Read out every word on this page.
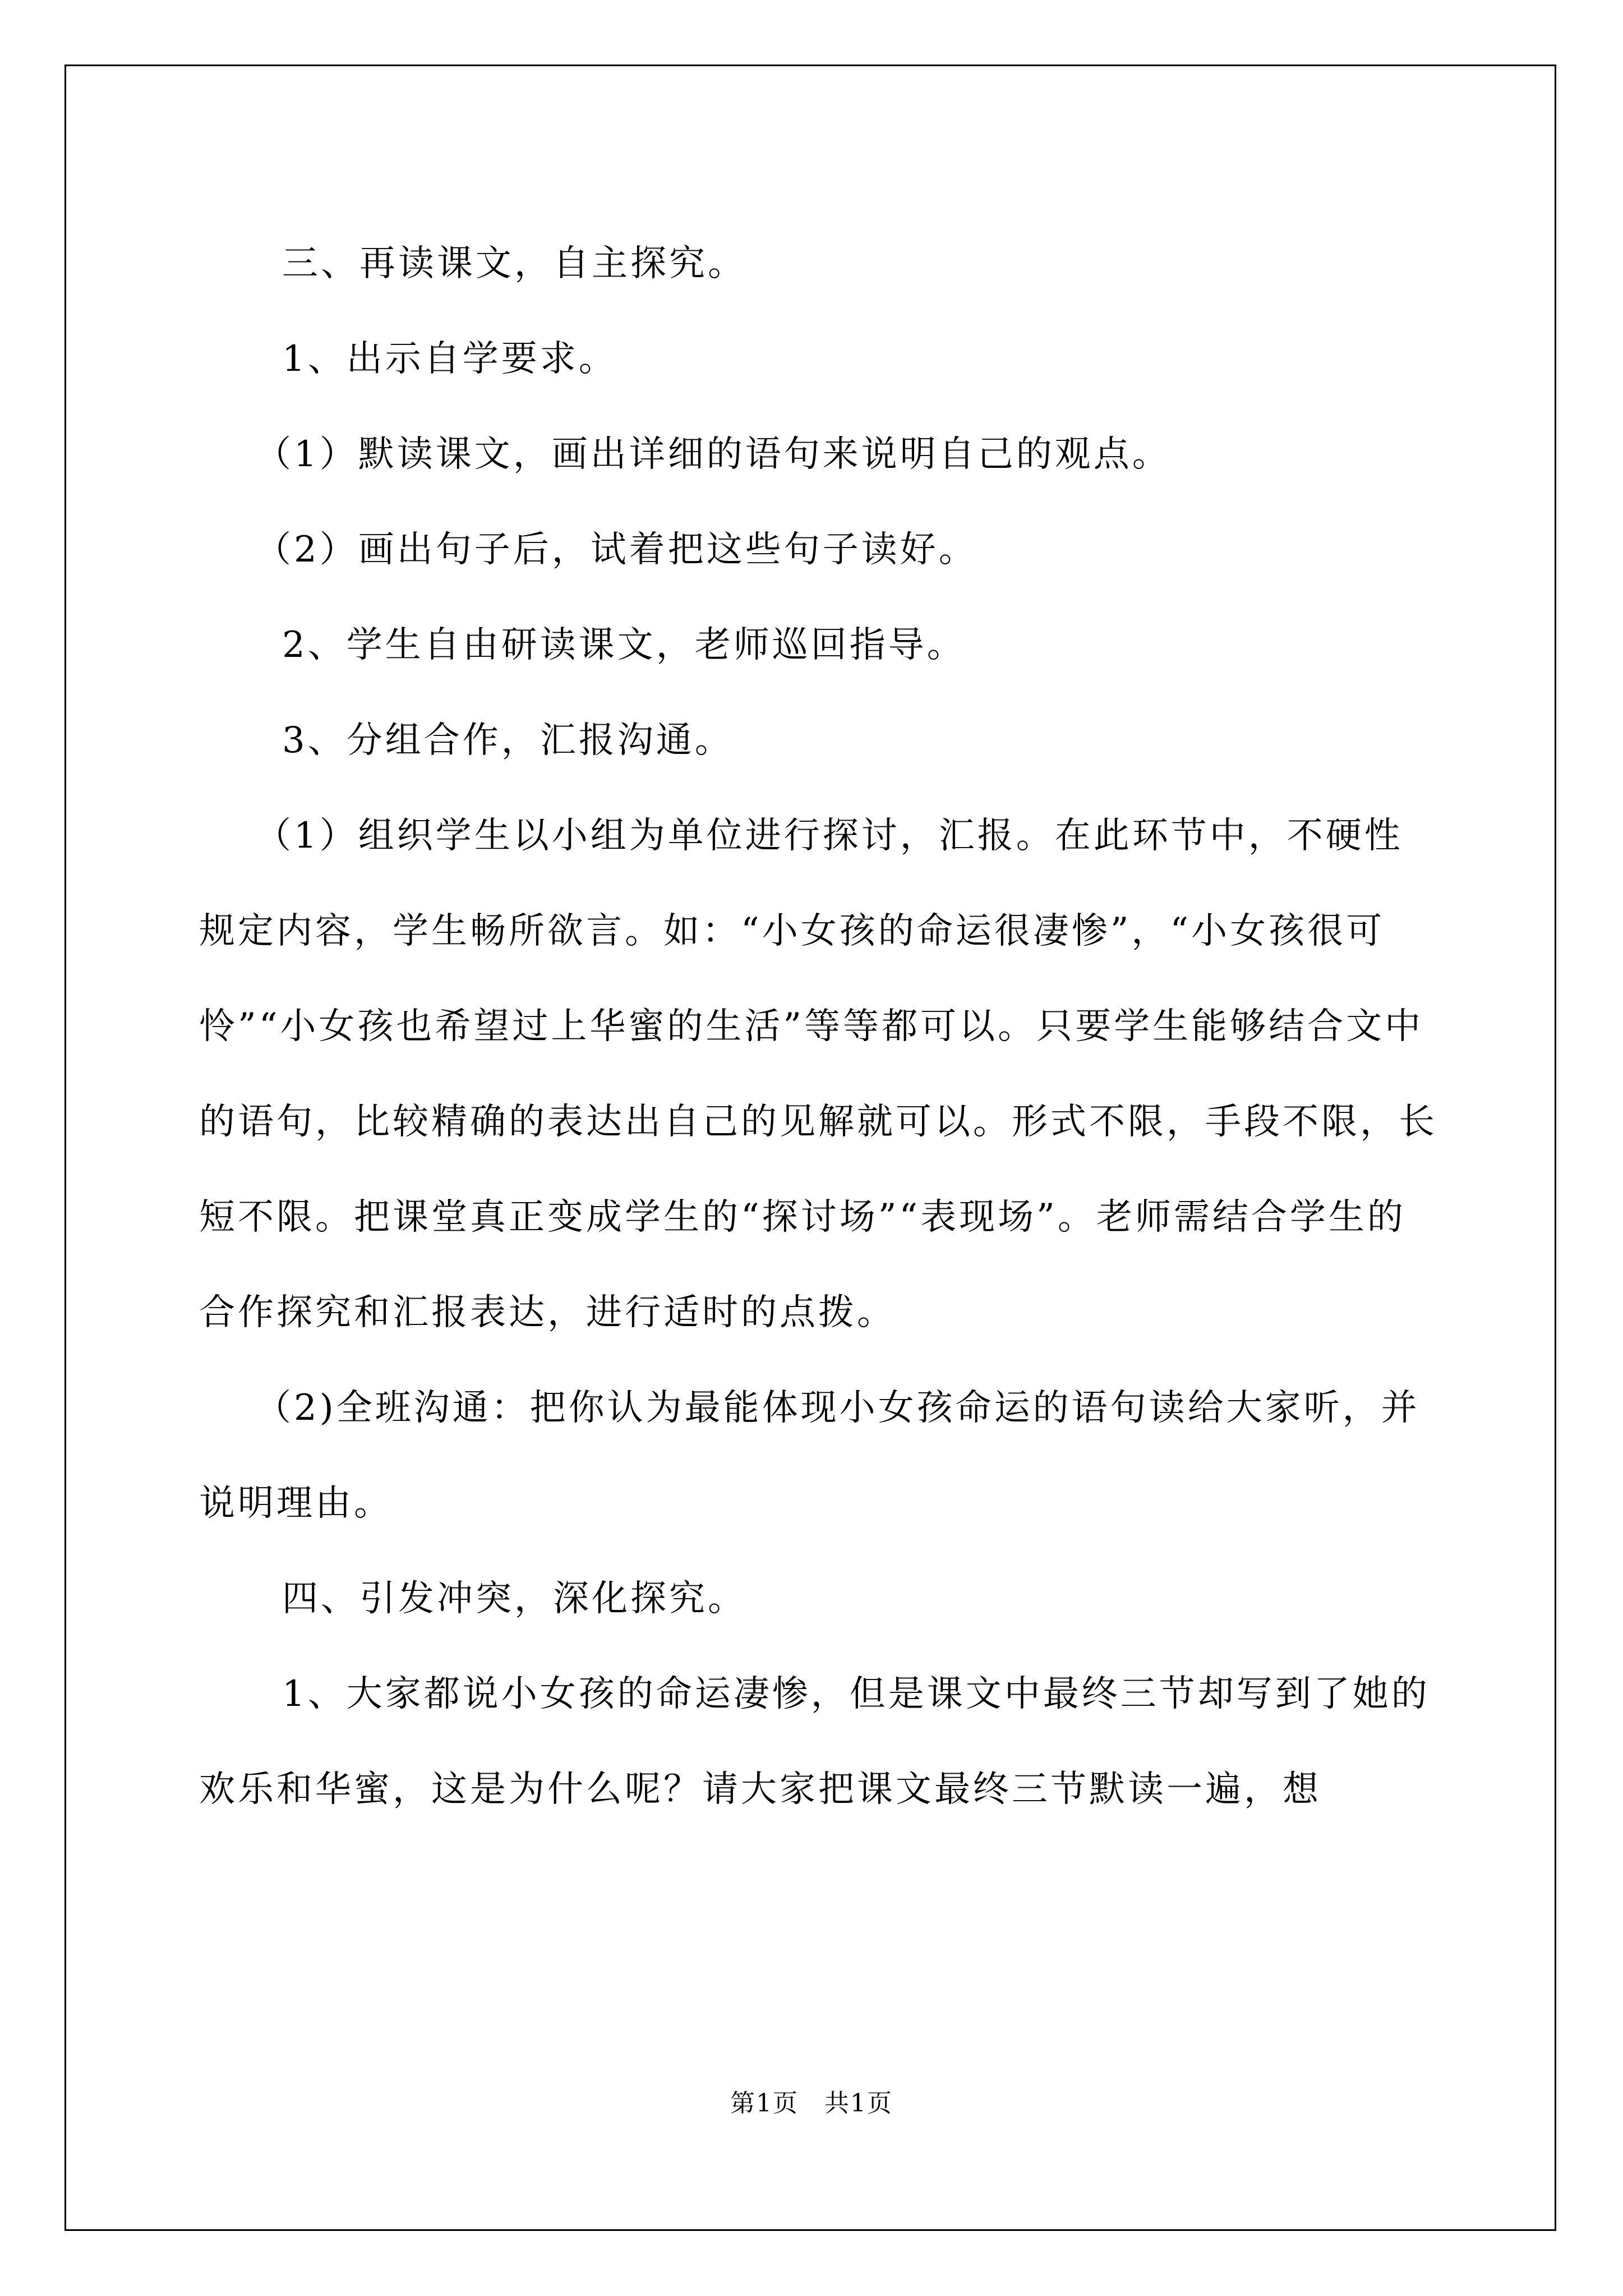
三、再读课文，自主探究。

1、出示自学要求。

（1）默读课文，画出详细的语句来说明自己的观点。

（2）画出句子后，试着把这些句子读好。

2、学生自由研读课文，老师巡回指导。

3、分组合作，汇报沟通。

（1）组织学生以小组为单位进行探讨，汇报。在此环节中，不硬性规定内容，学生畅所欲言。如：“小女孩的命运很凄惨”，“小女孩很可怜”“小女孩也希望过上华蜜的生活”等等都可以。只要学生能够结合文中的语句，比较精确的表达出自己的见解就可以。形式不限，手段不限，长短不限。把课堂真正变成学生的“探讨场”“表现场”。老师需结合学生的合作探究和汇报表达，进行适时的点拨。

（2)全班沟通：把你认为最能体现小女孩命运的语句读给大家听，并说明理由。

四、引发冲突，深化探究。

1、大家都说小女孩的命运凄惨，但是课文中最终三节却写到了她的欢乐和华蜜，这是为什么呢？请大家把课文最终三节默读一遍，想

第1页　共1页
